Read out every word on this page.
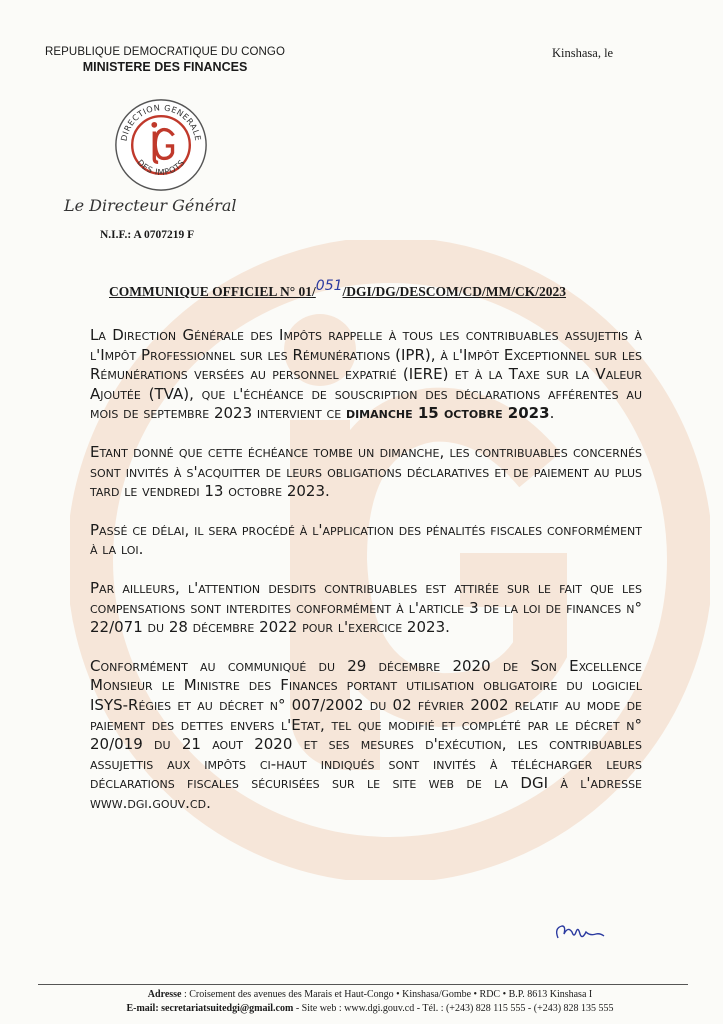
REPUBLIQUE DEMOCRATIQUE DU CONGO
MINISTERE DES FINANCES
Kinshasa, le
DIRECTION GENERALE
DES IMPOTS
Le Directeur Général
N.I.F.: A 0707219 F
COMMUNIQUE OFFICIEL N° 01/051/DGI/DG/DESCOM/CD/MM/CK/2023

La Direction Générale des Impôts rappelle à tous les contribuables assujettis à l'Impôt Professionnel sur les Rémunérations (IPR), à l'Impôt Exceptionnel sur les Rémunérations versées au personnel expatrié (IERE) et à la Taxe sur la Valeur Ajoutée (TVA), que l'échéance de souscription des déclarations afférentes au mois de septembre 2023 intervient ce dimanche 15 octobre 2023.

Etant donné que cette échéance tombe un dimanche, les contribuables concernés sont invités à s'acquitter de leurs obligations déclaratives et de paiement au plus tard le vendredi 13 octobre 2023.

Passé ce délai, il sera procédé à l'application des pénalités fiscales conformément à la loi.

Par ailleurs, l'attention desdits contribuables est attirée sur le fait que les compensations sont interdites conformément à l'article 3 de la loi de finances n° 22/071 du 28 décembre 2022 pour l'exercice 2023.

Conformément au communiqué du 29 décembre 2020 de Son Excellence Monsieur le Ministre des Finances portant utilisation obligatoire du logiciel ISYS-Régies et au décret n° 007/2002 du 02 février 2002 relatif au mode de paiement des dettes envers l'Etat, tel que modifié et complété par le décret n° 20/019 du 21 aout 2020 et ses mesures d'exécution, les contribuables assujettis aux impôts ci-haut indiqués sont invités à télécharger leurs déclarations fiscales sécurisées sur le site web de la DGI à l'adresse www.dgi.gouv.cd.

Adresse : Croisement des avenues des Marais et Haut-Congo • Kinshasa/Gombe • RDC • B.P. 8613 Kinshasa I
E-mail: secretariatsuitedgi@gmail.com - Site web : www.dgi.gouv.cd - Tél. : (+243) 828 115 555 - (+243) 828 135 555
